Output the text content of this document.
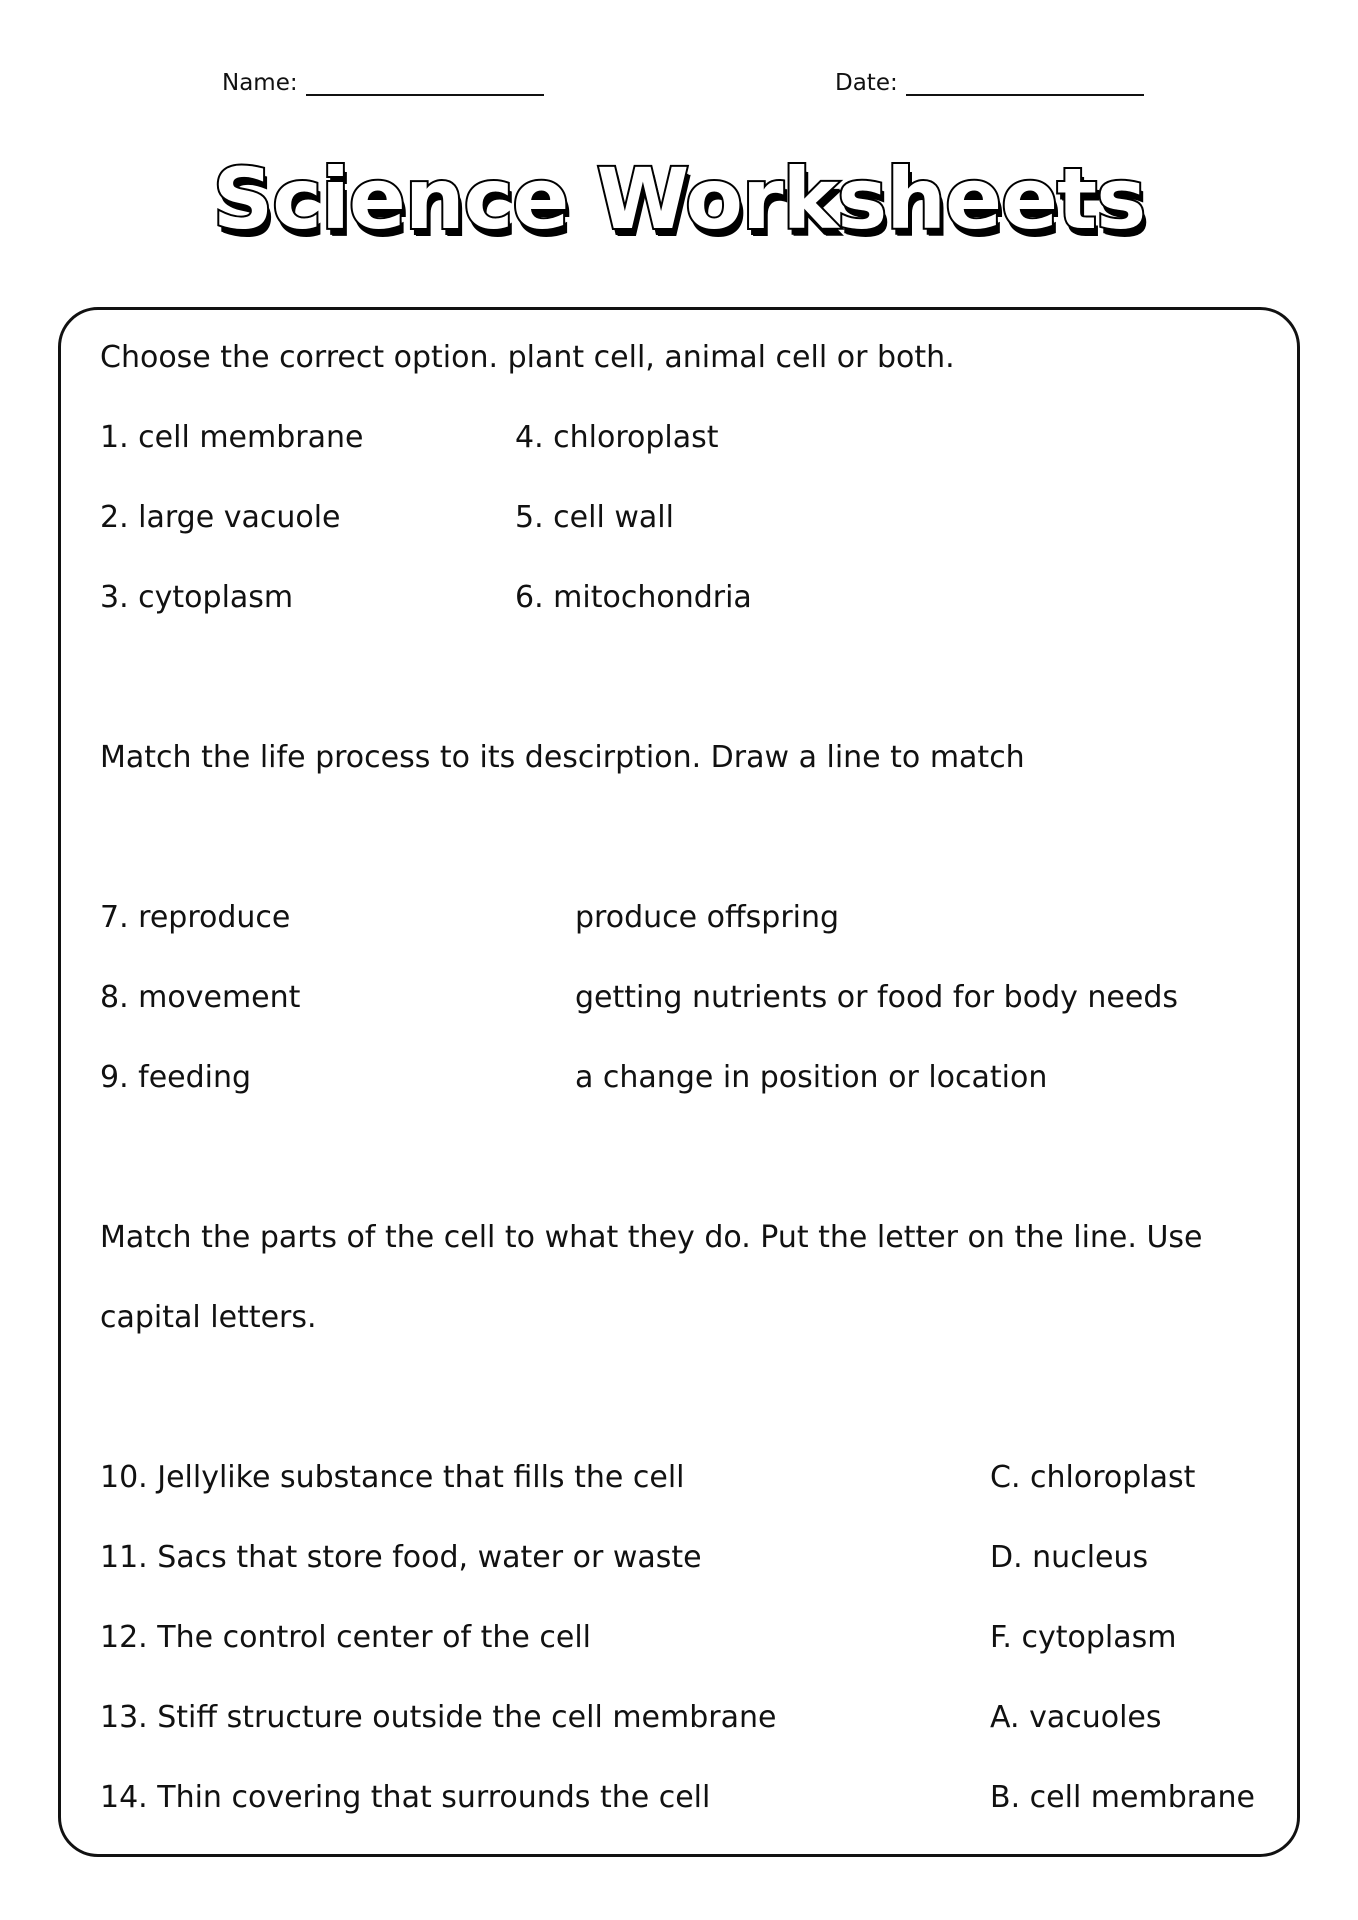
Name:	Date:
Science Worksheets
Choose the correct option. plant cell, animal cell or both.
1. cell membrane
2. large vacuole
3. cytoplasm
4. chloroplast
5. cell wall
6. mitochondria
Match the life process to its descirption. Draw a line to match
7. reproduce
8. movement
9. feeding
produce offspring
getting nutrients or food for body needs
a change in position or location
Match the parts of the cell to what they do. Put the letter on the line. Use
capital letters.
10. Jellylike substance that fills the cell
11. Sacs that store food, water or waste
12. The control center of the cell
13. Stiff structure outside the cell membrane
14. Thin covering that surrounds the cell
C. chloroplast
D. nucleus
F. cytoplasm
A. vacuoles
B. cell membrane
